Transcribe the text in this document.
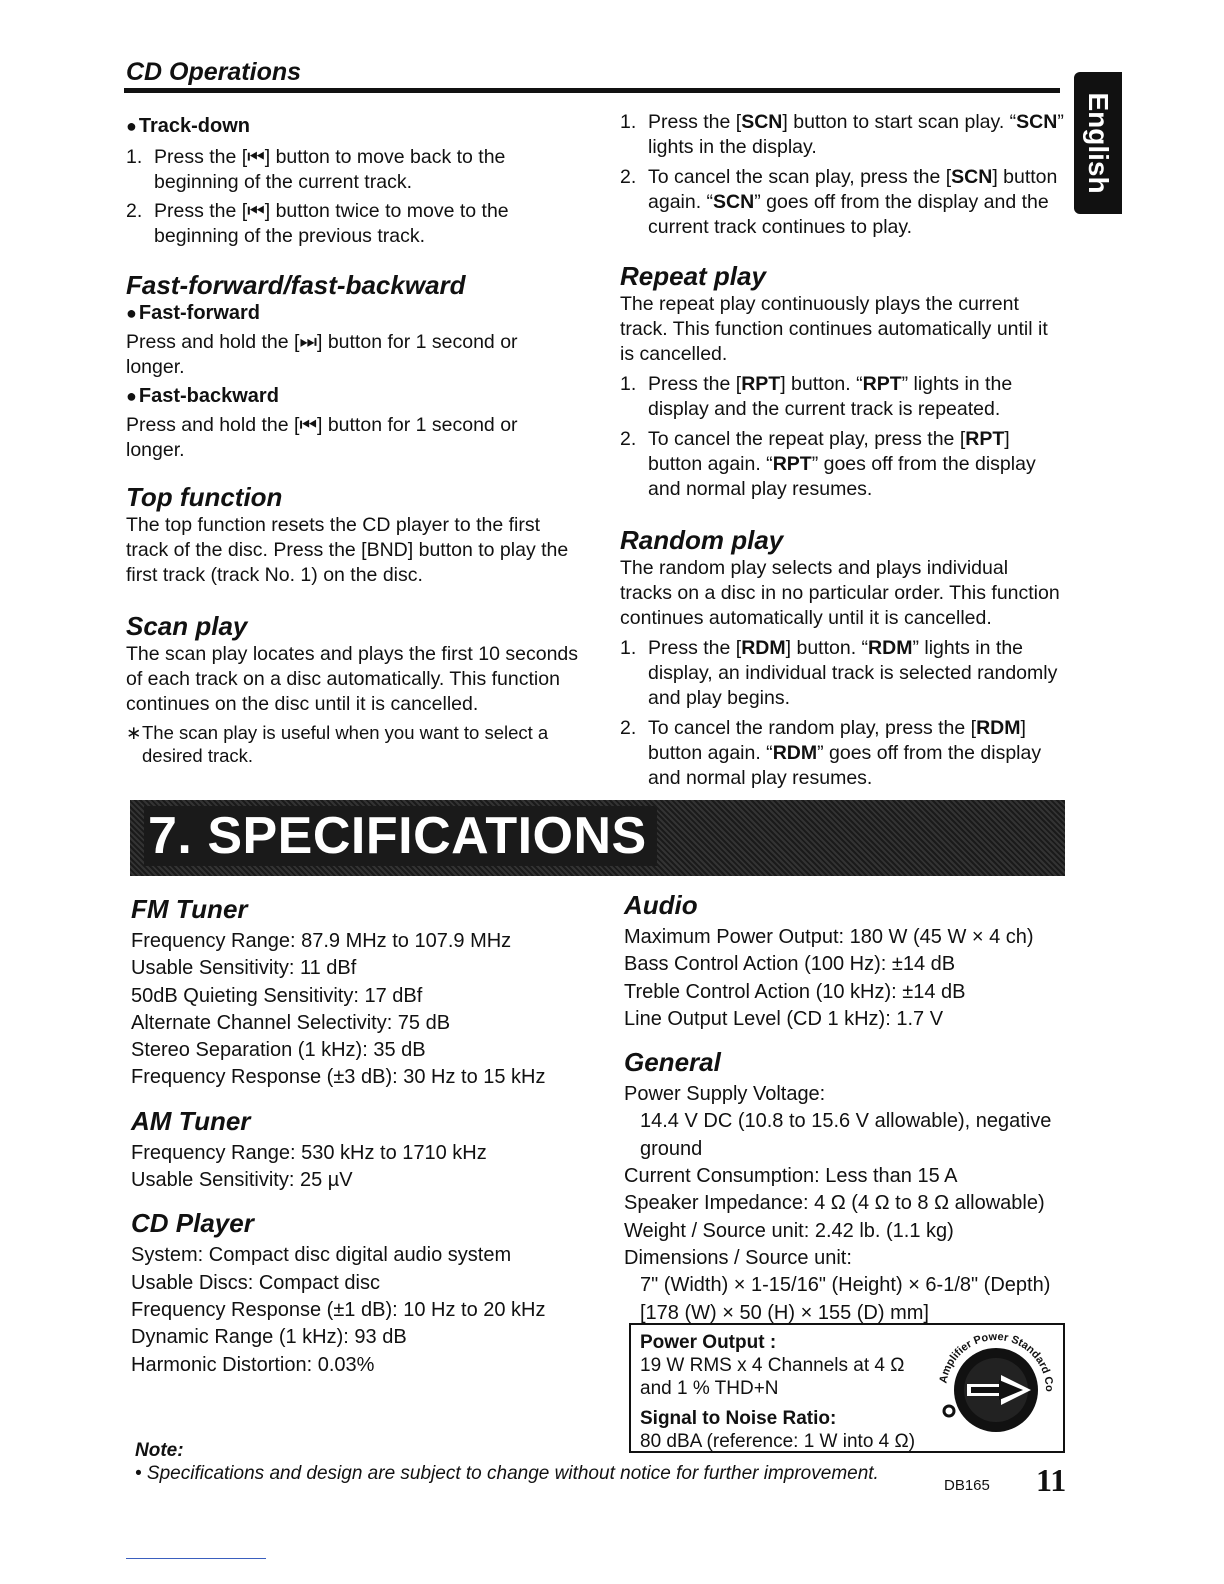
CD Operations
English
● Track-down
1. Press the [⏮] button to move back to the beginning of the current track.

2. Press the [⏮] button twice to move to the beginning of the previous track.

Fast-forward/fast-backward
● Fast-forward

Press and hold the [⏭] button for 1 second or longer.

● Fast-backward

Press and hold the [⏮] button for 1 second or longer.

Top function

The top function resets the CD player to the first track of the disc. Press the [BND] button to play the first track (track No. 1) on the disc.

Scan play

The scan play locates and plays the first 10 seconds of each track on a disc automatically. This function continues on the disc until it is cancelled.

∗ The scan play is useful when you want to select a desired track.

1. Press the [SCN] button to start scan play. “SCN” lights in the display.

2. To cancel the scan play, press the [SCN] button again. “SCN” goes off from the display and the current track continues to play.

Repeat play

The repeat play continuously plays the current track. This function continues automatically until it is cancelled.

1. Press the [RPT] button. “RPT” lights in the display and the current track is repeated.

2. To cancel the repeat play, press the [RPT] button again. “RPT” goes off from the display and normal play resumes.

Random play

The random play selects and plays individual tracks on a disc in no particular order. This function continues automatically until it is cancelled.

1. Press the [RDM] button. “RDM” lights in the display, an individual track is selected randomly and play begins.

2. To cancel the random play, press the [RDM] button again. “RDM” goes off from the display and normal play resumes.

7. SPECIFICATIONS
FM Tuner
Frequency Range: 87.9 MHz to 107.9 MHz
Usable Sensitivity: 11 dBf
50dB Quieting Sensitivity: 17 dBf
Alternate Channel Selectivity: 75 dB
Stereo Separation (1 kHz): 35 dB
Frequency Response (±3 dB): 30 Hz to 15 kHz
AM Tuner
Frequency Range: 530 kHz to 1710 kHz
Usable Sensitivity: 25 µV
CD Player
System: Compact disc digital audio system
Usable Discs: Compact disc
Frequency Response (±1 dB): 10 Hz to 20 kHz
Dynamic Range (1 kHz): 93 dB
Harmonic Distortion: 0.03%
Audio
Maximum Power Output: 180 W (45 W × 4 ch)
Bass Control Action (100 Hz): ±14 dB
Treble Control Action (10 kHz): ±14 dB
Line Output Level (CD 1 kHz): 1.7 V
General
Power Supply Voltage:
14.4 V DC (10.8 to 15.6 V allowable), negative ground
Current Consumption: Less than 15 A
Speaker Impedance: 4 Ω (4 Ω to 8 Ω allowable)
Weight / Source unit: 2.42 lb. (1.1 kg)
Dimensions / Source unit:
7" (Width) × 1-15/16" (Height) × 6-1/8" (Depth)
[178 (W) × 50 (H) × 155 (D) mm]
Power Output :
19 W RMS x 4 Channels at 4 Ω
and 1 % THD+N
Signal to Noise Ratio:
80 dBA (reference: 1 W into 4 Ω)
Amplifier Power Standard Co
Note:
• Specifications and design are subject to change without notice for further improvement.
DB165 11
